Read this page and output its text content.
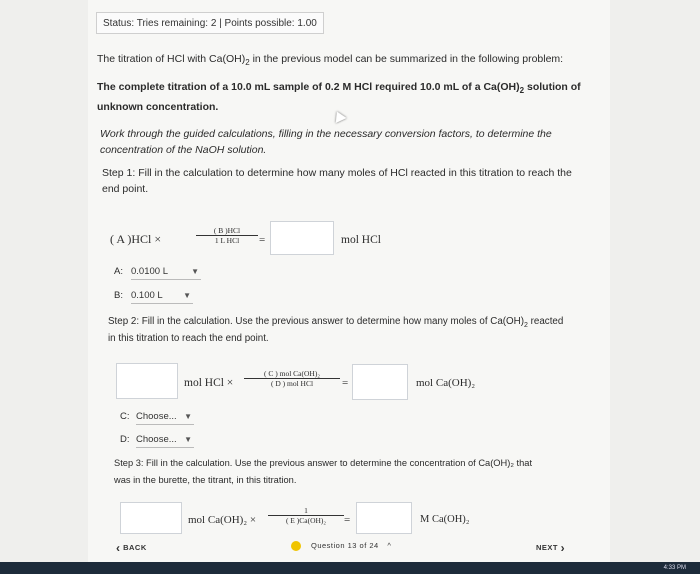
Status: Tries remaining: 2 | Points possible: 1.00
The titration of HCl with $Ca(OH)_2$ in the previous model can be summarized in the following problem:
The complete titration of a 10.0 mL sample of 0.2 M HCl required 10.0 mL of a $Ca(OH)_2$ solution of
unknown concentration.
Work through the guided calculations, filling in the necessary conversion factors, to determine the
concentration of the NaOH solution.
Step 1: Fill in the calculation to determine how many moles of HCl reacted in this titration to reach the
end point.
( A )HCl ×
( B )HCl
1 L HCl	=	mol HCl
A: 0.0100 L	▼
B: 0.100 L	▼
Step 2: Fill in the calculation. Use the previous answer to determine how many moles of $Ca(OH)_2$ reacted
in this titration to reach the end point.
mol HCl ×
( C ) mol Ca(OH)₂
( D ) mol HCl	=	mol Ca(OH)₂
C: Choose... ▼
D: Choose... ▼
Step 3: Fill in the calculation. Use the previous answer to determine the concentration of Ca(OH)₂ that
was in the burette, the titrant, in this titration.
mol $Ca(OH)_2 \times \frac{1}{\text{( E )Ca(OH)₂}}$ =	M Ca(OH)₂
‹ BACK	Question 13 of 24 ^	NEXT ›
4:33 PM
